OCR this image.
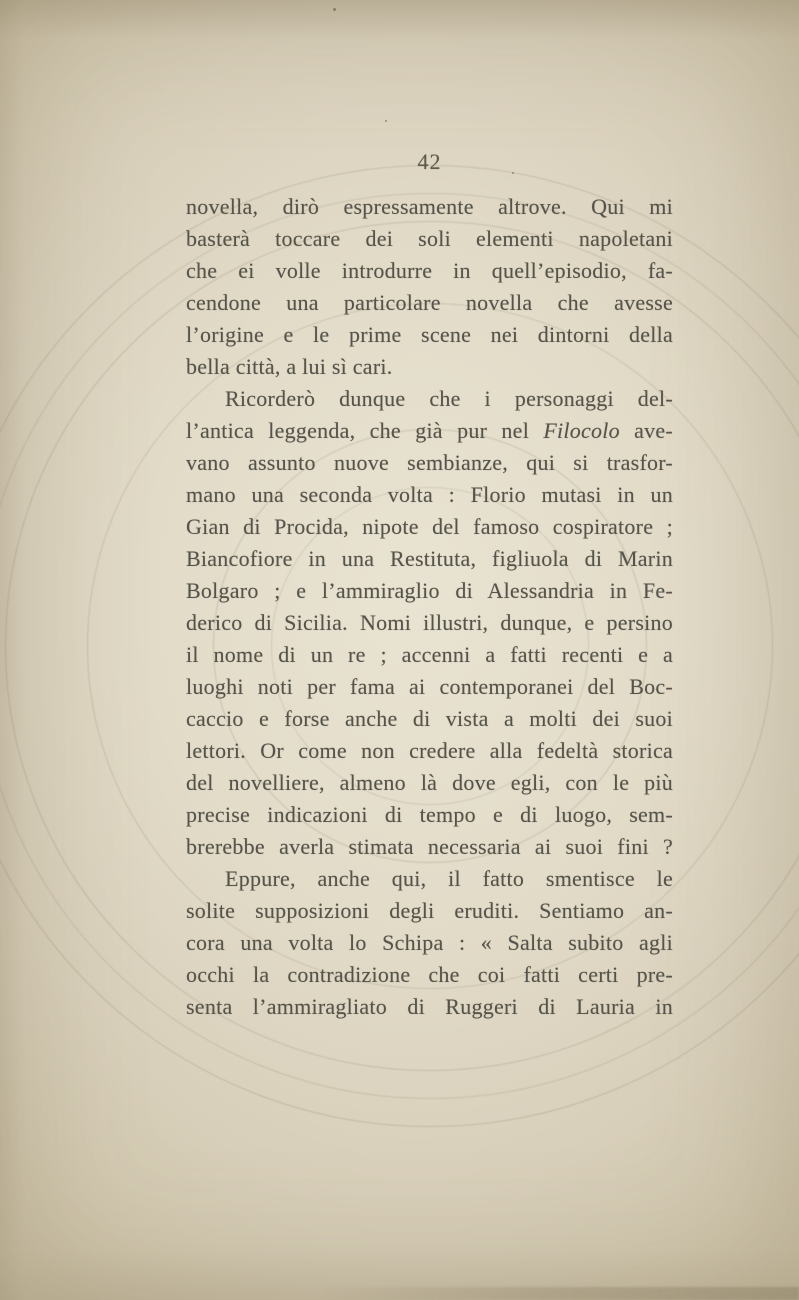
42
novella, dirò espressamente altrove. Qui mi
basterà toccare dei soli elementi napoletani
che ei volle introdurre in quell’episodio, fa-
cendone una particolare novella che avesse
l’origine e le prime scene nei dintorni della
bella città, a lui sì cari.
Ricorderò dunque che i personaggi del-
l’antica leggenda, che già pur nel Filocolo ave-
vano assunto nuove sembianze, qui si trasfor-
mano una seconda volta : Florio mutasi in un
Gian di Procida, nipote del famoso cospiratore ;
Biancofiore in una Restituta, figliuola di Marin
Bolgaro ; e l’ammiraglio di Alessandria in Fe-
derico di Sicilia. Nomi illustri, dunque, e persino
il nome di un re ; accenni a fatti recenti e a
luoghi noti per fama ai contemporanei del Boc-
caccio e forse anche di vista a molti dei suoi
lettori. Or come non credere alla fedeltà storica
del novelliere, almeno là dove egli, con le più
precise indicazioni di tempo e di luogo, sem-
brerebbe averla stimata necessaria ai suoi fini ?
Eppure, anche qui, il fatto smentisce le
solite supposizioni degli eruditi. Sentiamo an-
cora una volta lo Schipa : « Salta subito agli
occhi la contradizione che coi fatti certi pre-
senta l’ammiragliato di Ruggeri di Lauria in
